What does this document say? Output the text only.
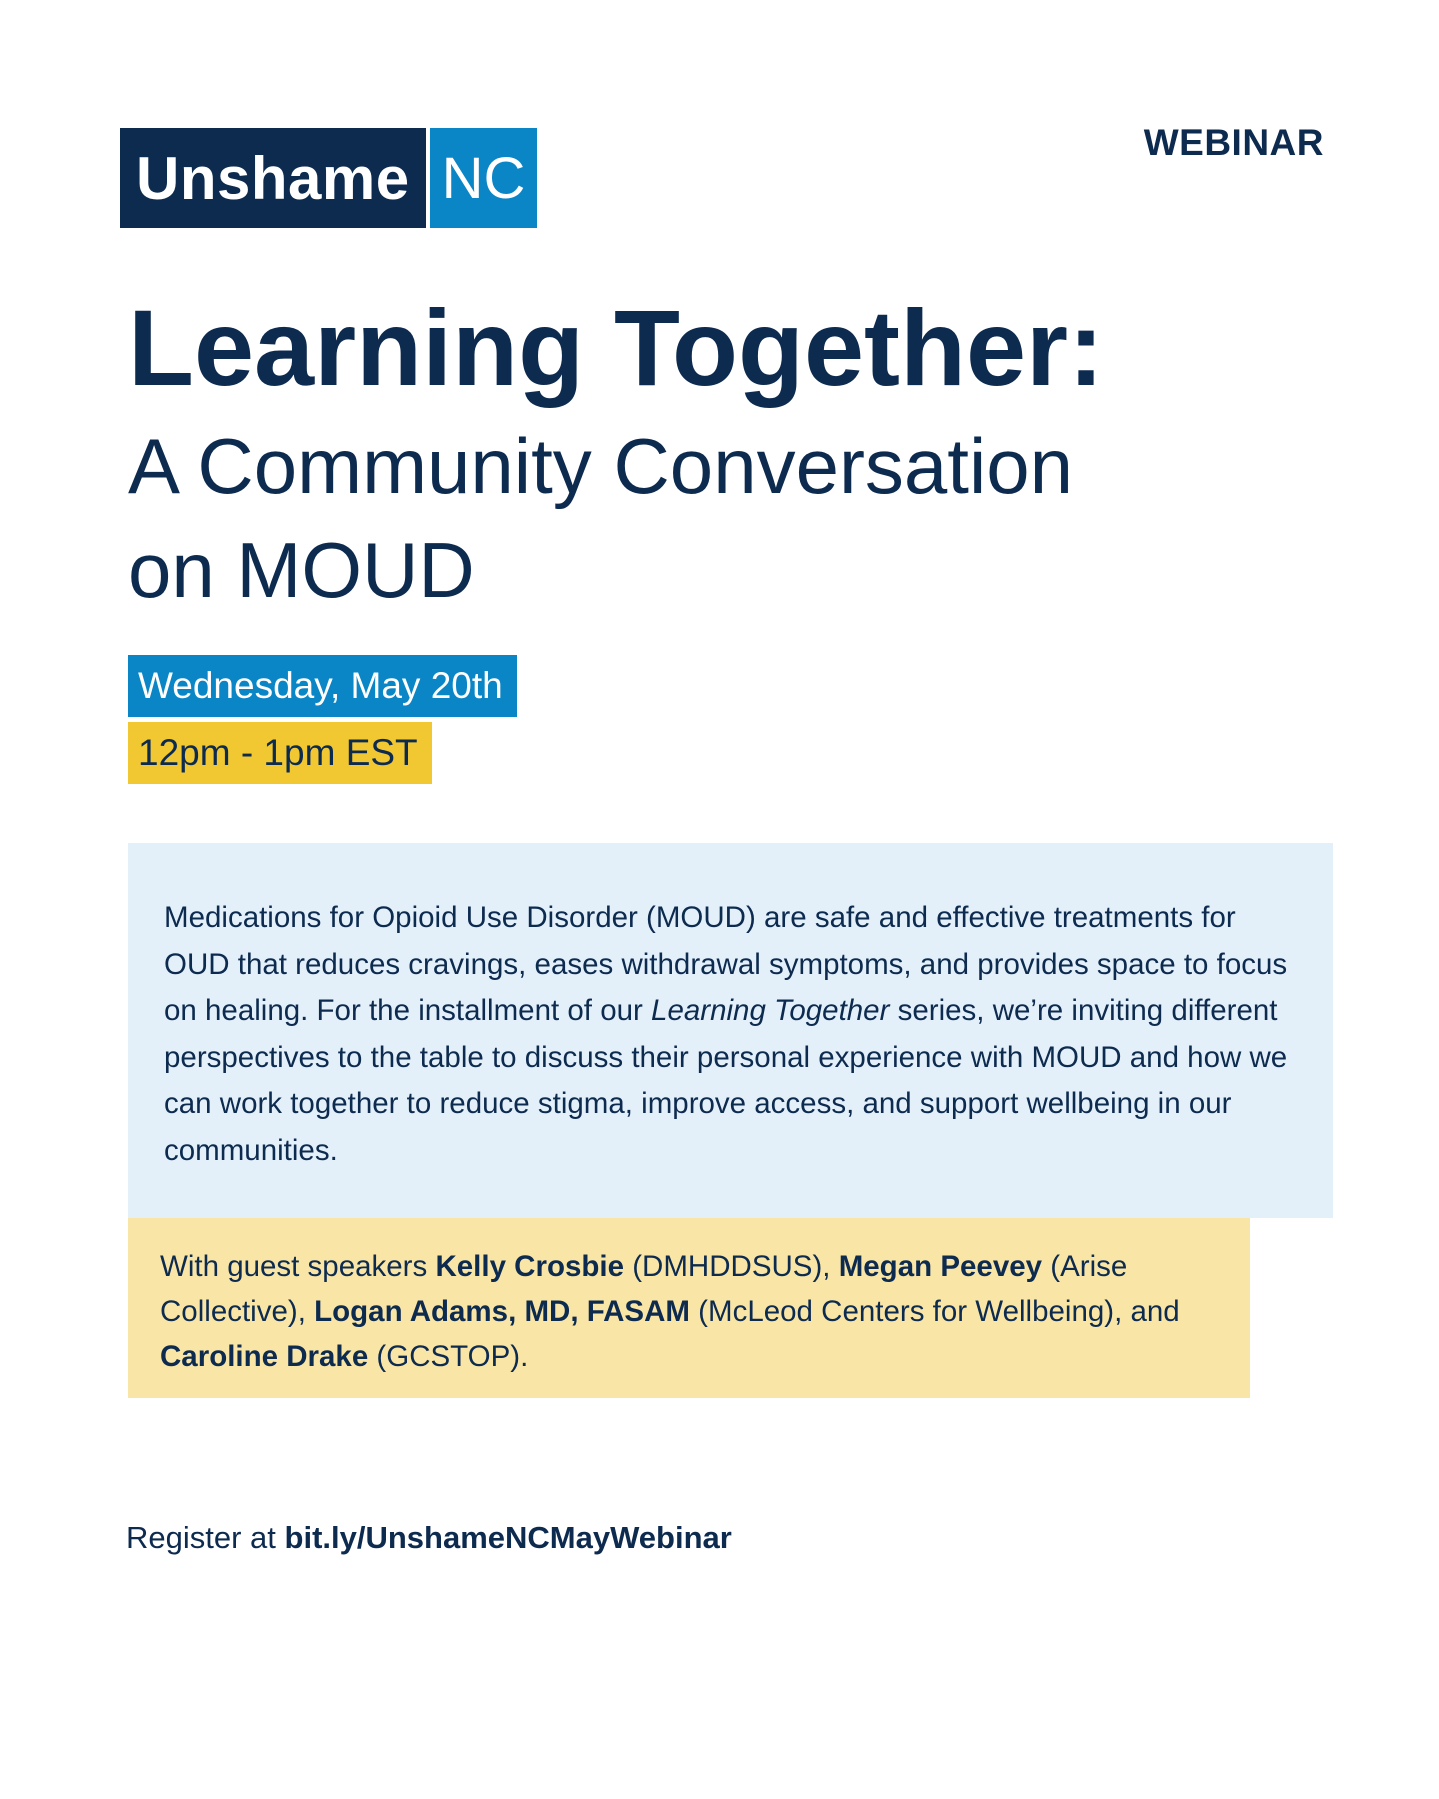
Unshame NC
WEBINAR
Learning Together:
A Community Conversation
on MOUD
Wednesday, May 20th
12pm - 1pm EST
Medications for Opioid Use Disorder (MOUD) are safe and effective treatments for OUD that reduces cravings, eases withdrawal symptoms, and provides space to focus on healing. For the installment of our Learning Together series, we’re inviting different perspectives to the table to discuss their personal experience with MOUD and how we can work together to reduce stigma, improve access, and support wellbeing in our communities.
With guest speakers Kelly Crosbie (DMHDDSUS), Megan Peevey (Arise Collective), Logan Adams, MD, FASAM (McLeod Centers for Wellbeing), and Caroline Drake (GCSTOP).
Register at bit.ly/UnshameNCMayWebinar
